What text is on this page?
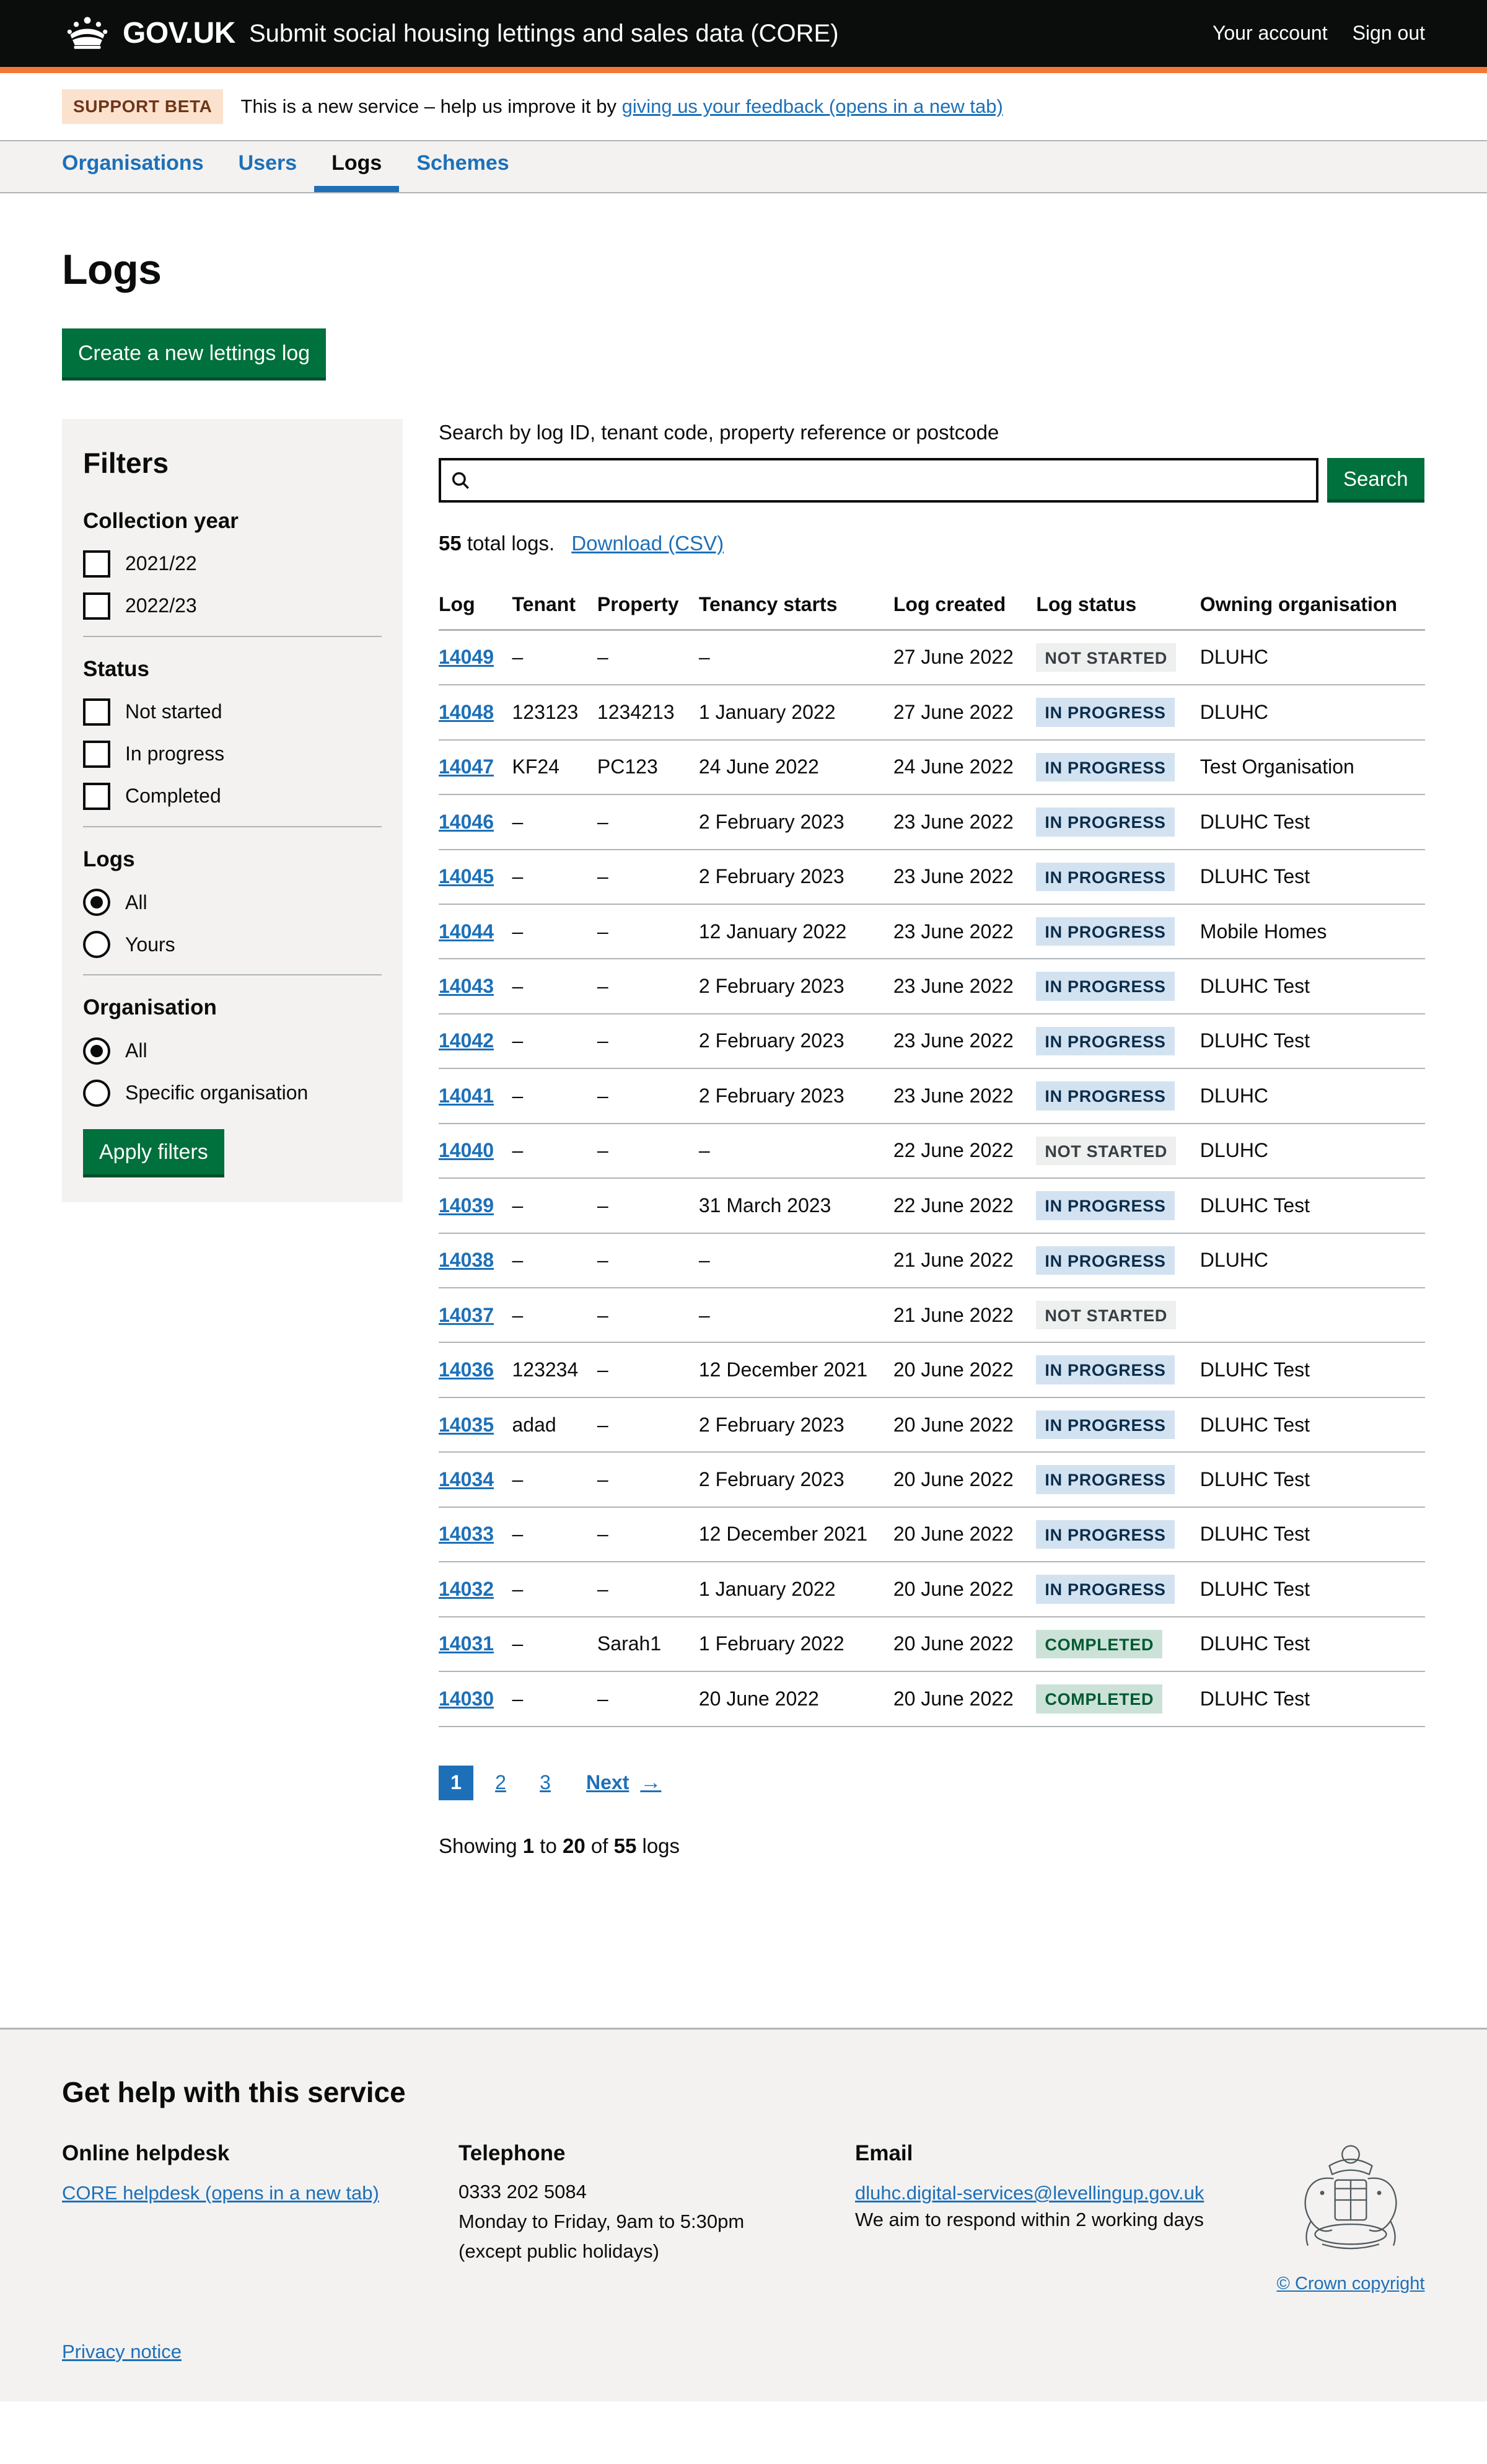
GOV.UK Submit social housing lettings and sales data (CORE)	Your account Sign out
SUPPORT BETA	This is a new service – help us improve it by giving us your feedback (opens in a new tab)
Organisations	Users	Logs	Schemes
Logs
Create a new lettings log
Filters
Collection year
2021/22
2022/23
Status
Not started
In progress
Completed
Logs
All
Yours
Organisation
All
Specific organisation
Apply filters
Search by log ID, tenant code, property reference or postcode
Search
55 total logs. Download (CSV)
Log	Tenant	Property	Tenancy starts	Log created	Log status	Owning organisation
14049	–	–	–	27 June 2022	NOT STARTED	DLUHC
14048	123123	1234213	1 January 2022	27 June 2022	IN PROGRESS	DLUHC
14047	KF24	PC123	24 June 2022	24 June 2022	IN PROGRESS	Test Organisation
14046	–	–	2 February 2023	23 June 2022	IN PROGRESS	DLUHC Test
14045	–	–	2 February 2023	23 June 2022	IN PROGRESS	DLUHC Test
14044	–	–	12 January 2022	23 June 2022	IN PROGRESS	Mobile Homes
14043	–	–	2 February 2023	23 June 2022	IN PROGRESS	DLUHC Test
14042	–	–	2 February 2023	23 June 2022	IN PROGRESS	DLUHC Test
14041	–	–	2 February 2023	23 June 2022	IN PROGRESS	DLUHC
14040	–	–	–	22 June 2022	NOT STARTED	DLUHC
14039	–	–	31 March 2023	22 June 2022	IN PROGRESS	DLUHC Test
14038	–	–	–	21 June 2022	IN PROGRESS	DLUHC
14037	–	–	–	21 June 2022	NOT STARTED	
14036	123234	–	12 December 2021	20 June 2022	IN PROGRESS	DLUHC Test
14035	adad	–	2 February 2023	20 June 2022	IN PROGRESS	DLUHC Test
14034	–	–	2 February 2023	20 June 2022	IN PROGRESS	DLUHC Test
14033	–	–	12 December 2021	20 June 2022	IN PROGRESS	DLUHC Test
14032	–	–	1 January 2022	20 June 2022	IN PROGRESS	DLUHC Test
14031	–	Sarah1	1 February 2022	20 June 2022	COMPLETED	DLUHC Test
14030	–	–	20 June 2022	20 June 2022	COMPLETED	DLUHC Test
1	2	3	Next →
Showing 1 to 20 of 55 logs
Get help with this service
Online helpdesk
CORE helpdesk (opens in a new tab)
Telephone

0333 202 5084

Monday to Friday, 9am to 5:30pm

(except public holidays)

Email
dluhc.digital-services@levellingup.gov.uk

We aim to respond within 2 working days

© Crown copyright
Privacy notice
